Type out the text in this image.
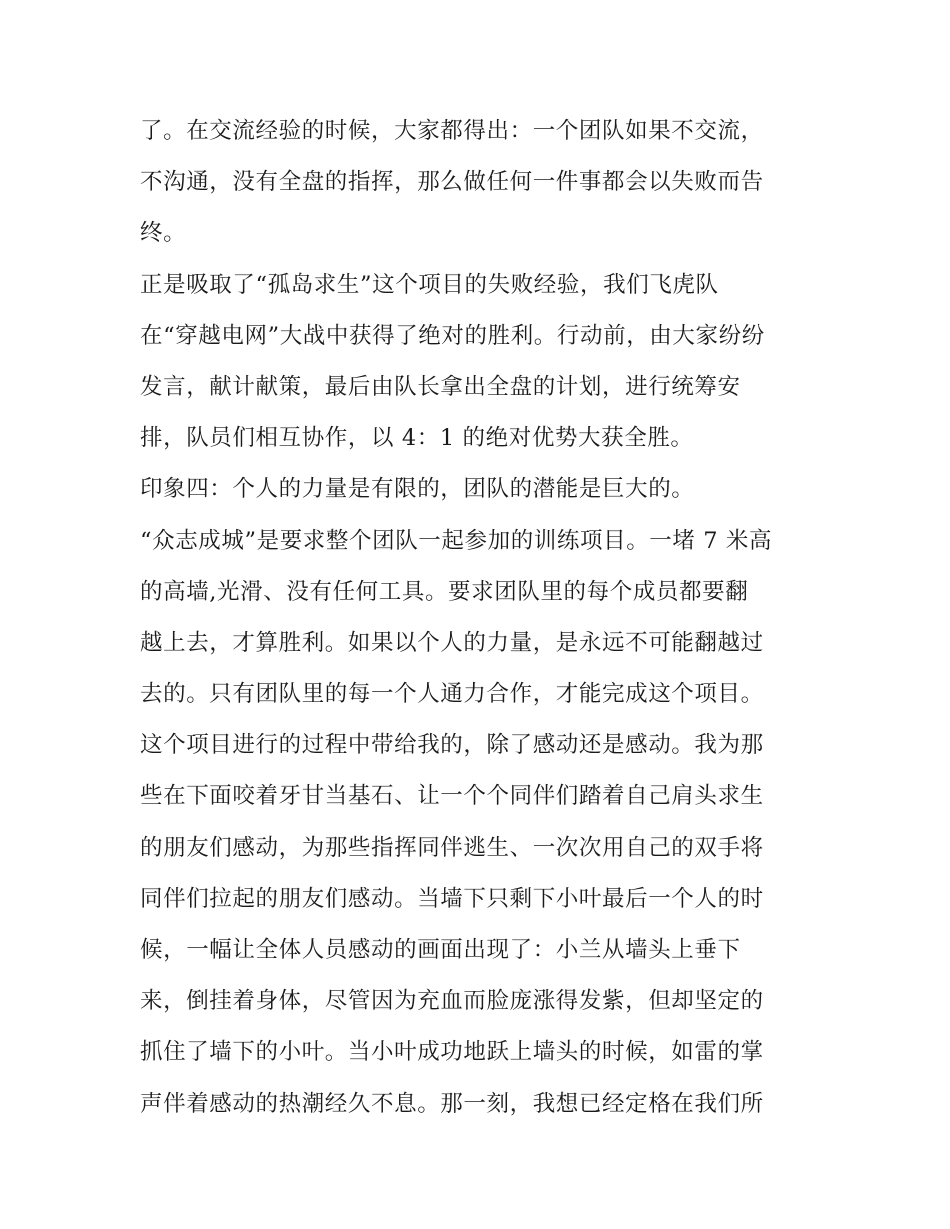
了。在交流经验的时候，大家都得出：一个团队如果不交流，
不沟通，没有全盘的指挥，那么做任何一件事都会以失败而告
终。
正是吸取了“孤岛求生”这个项目的失败经验，我们飞虎队
在“穿越电网”大战中获得了绝对的胜利。行动前，由大家纷纷
发言，献计献策，最后由队长拿出全盘的计划，进行统筹安
排，队员们相互协作，以 4：1 的绝对优势大获全胜。
印象四：个人的力量是有限的，团队的潜能是巨大的。
“众志成城”是要求整个团队一起参加的训练项目。一堵 7 米高
的高墙,光滑、没有任何工具。要求团队里的每个成员都要翻
越上去，才算胜利。如果以个人的力量，是永远不可能翻越过
去的。只有团队里的每一个人通力合作，才能完成这个项目。
这个项目进行的过程中带给我的，除了感动还是感动。我为那
些在下面咬着牙甘当基石、让一个个同伴们踏着自己肩头求生
的朋友们感动，为那些指挥同伴逃生、一次次用自己的双手将
同伴们拉起的朋友们感动。当墙下只剩下小叶最后一个人的时
候，一幅让全体人员感动的画面出现了：小兰从墙头上垂下
来，倒挂着身体，尽管因为充血而脸庞涨得发紫，但却坚定的
抓住了墙下的小叶。当小叶成功地跃上墙头的时候，如雷的掌
声伴着感动的热潮经久不息。那一刻，我想已经定格在我们所
